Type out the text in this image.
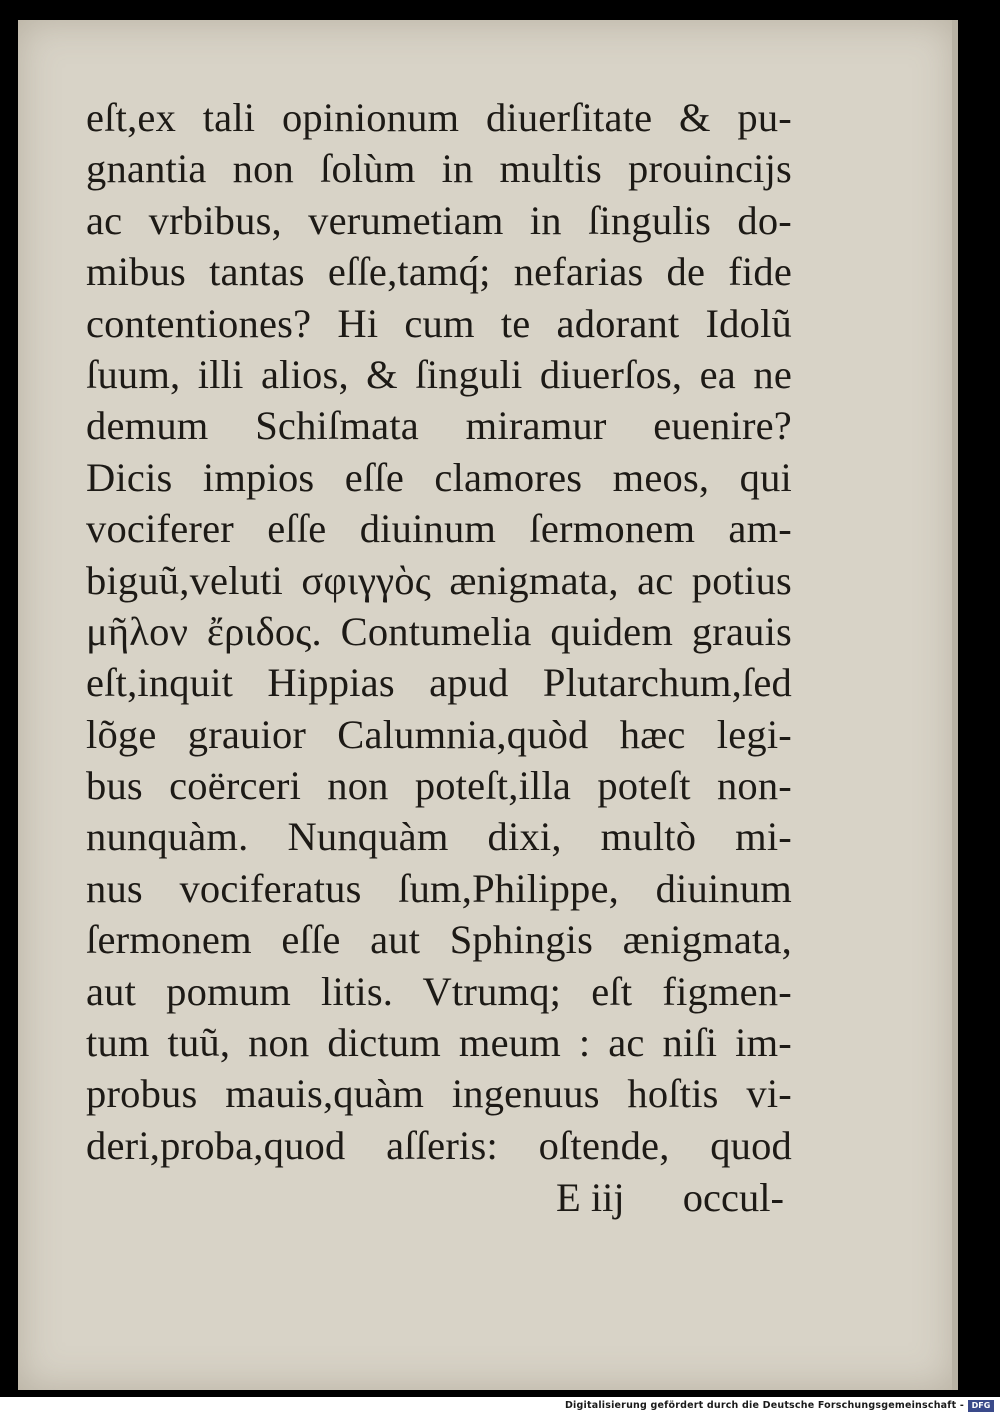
eſt,ex tali opinionum diuerſitate & pu-
gnantia non ſolùm in multis prouincijs
ac vrbibus, verumetiam in ſingulis do-
mibus tantas eſſe,tamq́; nefarias de fide
contentiones? Hi cum te adorant Idolũ
ſuum, illi alios, & ſinguli diuerſos, ea ne
demum Schiſmata miramur euenire?
Dicis impios eſſe clamores meos, qui
vociferer eſſe diuinum ſermonem am-
biguũ,veluti σφιγγὸς ænigmata, ac potius
μῆλον ἔριδος. Contumelia quidem grauis
eſt,inquit Hippias apud Plutarchum,ſed
lõge grauior Calumnia,quòd hæc legi-
bus coërceri non poteſt,illa poteſt non-
nunquàm. Nunquàm dixi, multò mi-
nus vociferatus ſum,Philippe, diuinum
ſermonem eſſe aut Sphingis ænigmata,
aut pomum litis. Vtrumq; eſt figmen-
tum tuũ, non dictum meum : ac niſi im-
probus mauis,quàm ingenuus hoſtis vi-
deri,proba,quod aſſeris: oſtende, quod
E iij occul-
Digitalisierung gefördert durch die Deutsche Forschungsgemeinschaft - DFG
